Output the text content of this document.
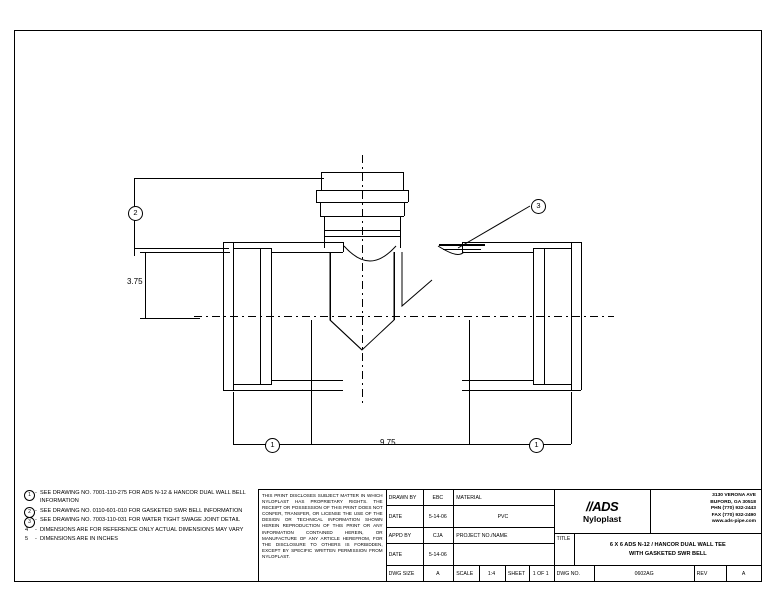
2
3.75
3
1	9.75	1
1 - SEE DRAWING NO. 7001-110-275 FOR ADS N-12 & HANCOR DUAL WALL BELL INFORMATION
2 - SEE DRAWING NO. 0110-601-010 FOR GASKETED SWR BELL INFORMATION
3 - SEE DRAWING NO. 7003-110-031 FOR WATER TIGHT SWAGE JOINT DETAIL
4 - DIMENSIONS ARE FOR REFERENCE ONLY ACTUAL DIMENSIONS MAY VARY
5 - DIMENSIONS ARE IN INCHES
THIS PRINT DISCLOSES SUBJECT MATTER IN WHICH NYLOPLAST HAS PROPRIETARY RIGHTS. THE RECEIPT OR POSSESSION OF THIS PRINT DOES NOT CONFER, TRANSFER, OR LICENSE THE USE OF THE DESIGN OR TECHNICAL INFORMATION SHOWN HEREIN REPRODUCTION OF THIS PRINT OR ANY INFORMATION CONTAINED HEREIN, OR MANUFACTURE OF ANY ARTICLE HEREFROM, FOR THE DISCLOSURE TO OTHERS IS FORBIDDEN, EXCEPT BY SPECIFIC WRITTEN PERMISSION FROM NYLOPLAST.
DRAWN BY	EBC	MATERIAL
DATE	5-14-06	PVC
APPD BY	CJA	PROJECT NO./NAME
DATE	5-14-06
DWG SIZE	A	SCALE	1:4	SHEET	1 OF 1
//ADS
Nyloplast
3130 VERONA AVE
BUFORD, GA 30518
PHN (770) 932-2443
FAX (770) 932-2490
www.ads-pipe.com
TITLE
6 X 6 ADS N-12 / HANCOR DUAL WALL TEE
WITH GASKETED SWR BELL
DWG NO.	0602AG	REV	A
